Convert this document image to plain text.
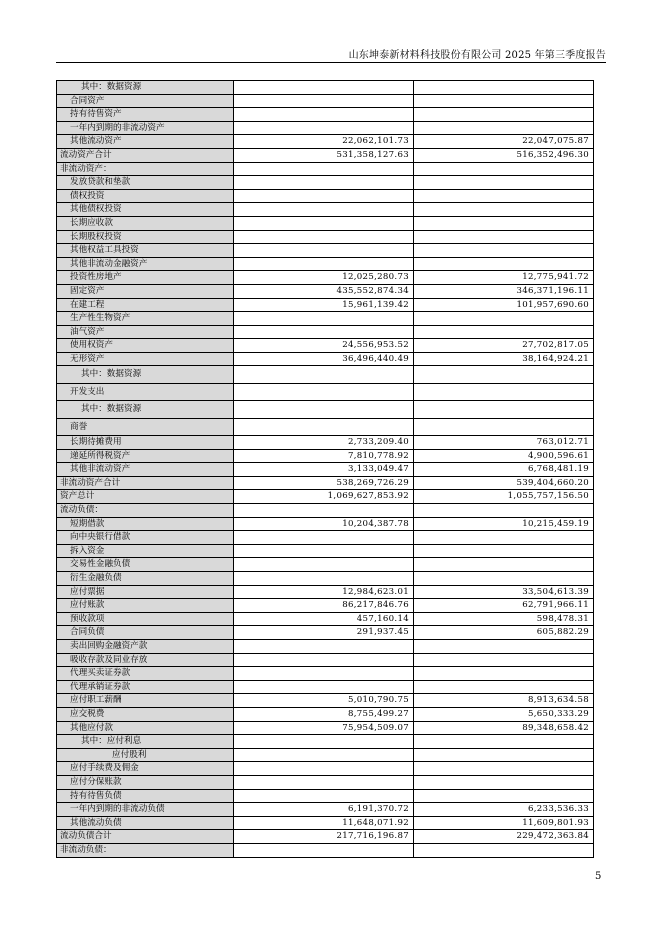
山东坤泰新材料科技股份有限公司 2025 年第三季度报告
其中：数据资源		
合同资产		
持有待售资产		
一年内到期的非流动资产		
其他流动资产	22,062,101.73	22,047,075.87
流动资产合计	531,358,127.63	516,352,496.30
非流动资产：		
发放贷款和垫款		
债权投资		
其他债权投资		
长期应收款		
长期股权投资		
其他权益工具投资		
其他非流动金融资产		
投资性房地产	12,025,280.73	12,775,941.72
固定资产	435,552,874.34	346,371,196.11
在建工程	15,961,139.42	101,957,690.60
生产性生物资产		
油气资产		
使用权资产	24,556,953.52	27,702,817.05
无形资产	36,496,440.49	38,164,924.21
其中：数据资源		
开发支出		
其中：数据资源		
商誉		
长期待摊费用	2,733,209.40	763,012.71
递延所得税资产	7,810,778.92	4,900,596.61
其他非流动资产	3,133,049.47	6,768,481.19
非流动资产合计	538,269,726.29	539,404,660.20
资产总计	1,069,627,853.92	1,055,757,156.50
流动负债：		
短期借款	10,204,387.78	10,215,459.19
向中央银行借款		
拆入资金		
交易性金融负债		
衍生金融负债		
应付票据	12,984,623.01	33,504,613.39
应付账款	86,217,846.76	62,791,966.11
预收款项	457,160.14	598,478.31
合同负债	291,937.45	605,882.29
卖出回购金融资产款		
吸收存款及同业存放		
代理买卖证券款		
代理承销证券款		
应付职工薪酬	5,010,790.75	8,913,634.58
应交税费	8,755,499.27	5,650,333.29
其他应付款	75,954,509.07	89,348,658.42
其中：应付利息		
应付股利		
应付手续费及佣金		
应付分保账款		
持有待售负债		
一年内到期的非流动负债	6,191,370.72	6,233,536.33
其他流动负债	11,648,071.92	11,609,801.93
流动负债合计	217,716,196.87	229,472,363.84
非流动负债：		
5
